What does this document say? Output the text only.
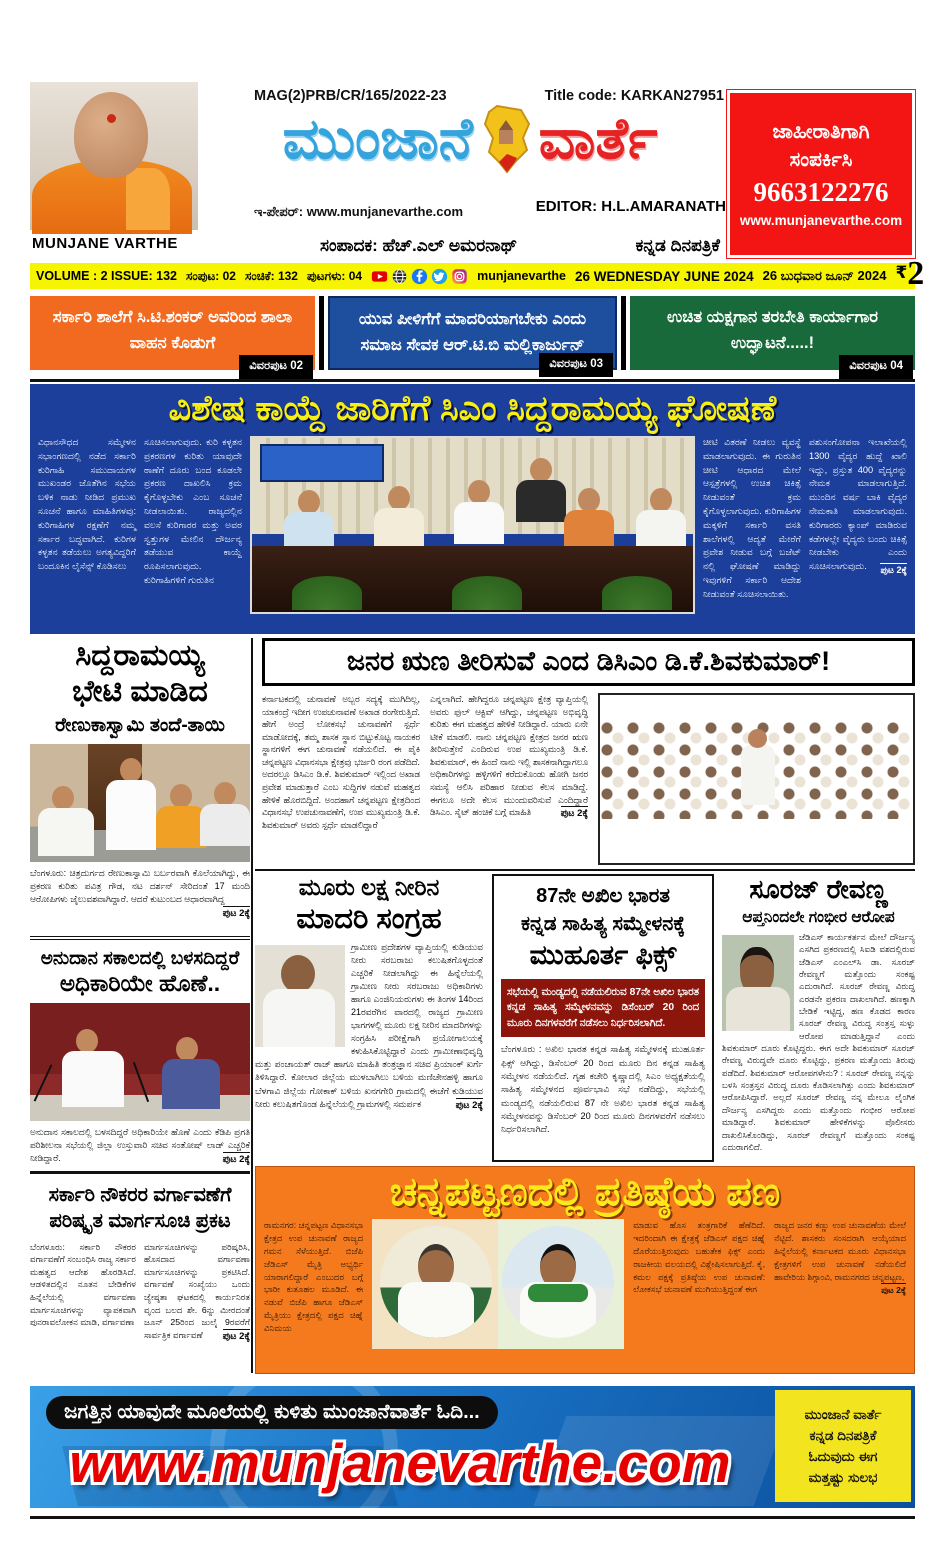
MUNJANE VARTHE
MAG(2)PRB/CR/165/2022-23	Title code: KARKAN27951
ಮುಂಜಾನೆ ವಾರ್ತೆ
ಇ-ಪೇಪರ್: www.munjanevarthe.com	EDITOR: H.L.AMARANATH
ಸಂಪಾದಕ: ಹೆಚ್.ಎಲ್ ಅಮರನಾಥ್	ಕನ್ನಡ ದಿನಪತ್ರಿಕೆ
ಜಾಹೀರಾತಿಗಾಗಿ
ಸಂಪರ್ಕಿಸಿ
9663122276
www.munjanevarthe.com
VOLUME : 2 ISSUE: 132 ಸಂಪುಟ: 02 ಸಂಚಿಕೆ: 132 ಪುಟಗಳು: 04	munjanevarthe 26 WEDNESDAY JUNE 2024 26 ಬುಧವಾರ ಜೂನ್ 2024 ₹ 2
ಸರ್ಕಾರಿ ಶಾಲೆಗೆ ಸಿ.ಟಿ.ಶಂಕರ್ ಅವರಿಂದ ಶಾಲಾ ವಾಹನ ಕೊಡುಗೆ
ವಿವರಪುಟ 02
ಯುವ ಪೀಳಿಗೆಗೆ ಮಾದರಿಯಾಗಬೇಕು ಎಂದು ಸಮಾಜ ಸೇವಕ ಆರ್.ಟಿ.ಬಿ ಮಲ್ಲಿಕಾರ್ಜುನ್
ವಿವರಪುಟ 03
ಉಚಿತ ಯಕ್ಷಗಾನ ತರಬೇತಿ ಕಾರ್ಯಾಗಾರ ಉದ್ಘಾಟನೆ.....!
ವಿವರಪುಟ 04
ವಿಶೇಷ ಕಾಯ್ದೆ ಜಾರಿಗೆಗೆ ಸಿಎಂ ಸಿದ್ದರಾಮಯ್ಯ ಘೋಷಣೆ
ವಿಧಾನಸೌಧದ ಸಮ್ಮೇಳನ ಸಭಾಂಗಣದಲ್ಲಿ ನಡೆದ ಸರ್ಕಾರಿ ಕುರಿಗಾಹಿ ಸಮುದಾಯಗಳ ಮುಖಂಡರ ಜೊತೆಗಿನ ಸಭೆಯ ಬಳಿಕ ನಾಡು ನೀಡಿದ ಪ್ರಮುಖ ಸೂಚನೆ ಹಾಗೂ ಮಾಹಿತಿಗಳವು: ಕುರಿಗಾಹಿಗಳ ರಕ್ಷಣೆಗೆ ನಮ್ಮ ಸರ್ಕಾರ ಬದ್ಧವಾಗಿದೆ. ಕುರಿಗಳ ಕಳ್ಳತನ ತಡೆಯಲು ಅಗತ್ಯವಿದ್ದರಿಗೆ ಬಂದೂಕಿನ ಲೈಸೆನ್ಸ್ ಕೊಡಿಸಲು
ಸೂಚಿಸಲಾಗುವುದು. ಕುರಿ ಕಳ್ಳತನ ಪ್ರಕರಣಗಳ ಕುರಿತು ಯಾವುದೇ ಠಾಣೆಗೆ ದೂರು ಬಂದ ಕೂಡಲೇ ಪ್ರಕರಣ ದಾಖಲಿಸಿ ಕ್ರಮ ಕೈಗೊಳ್ಳಬೇಕು ಎಂಬ ಸೂಚನೆ ನೀಡಲಾಯಿತು. ರಾಜ್ಯದಲ್ಲಿನ ವಲಸೆ ಕುರಿಗಾರರ ಮತ್ತು ಅವರ ಸ್ವತ್ತುಗಳ ಮೇಲಿನ ದೌರ್ಜನ್ಯ ತಡೆಯುವ ಕಾಯ್ದೆ ರೂಪಿಸಲಾಗುವುದು. ಕುರಿಗಾಹಿಗಳಿಗೆ ಗುರುತಿನ
ಚೀಟಿ ವಿತರಣೆ ನೀಡಲು ವ್ಯವಸ್ಥೆ ಮಾಡಲಾಗುವುದು. ಈ ಗುರುತಿನ ಚೀಟಿ ಆಧಾರದ ಮೇಲೆ ಆಸ್ಪತ್ರೆಗಳಲ್ಲಿ ಉಚಿತ ಚಿಕಿತ್ಸೆ ನೀಡುವಂತೆ ಕ್ರಮ ಕೈಗೊಳ್ಳಲಾಗುವುದು. ಕುರಿಗಾಹಿಗಳ ಮಕ್ಕಳಿಗೆ ಸರ್ಕಾರಿ ವಸತಿ ಶಾಲೆಗಳಲ್ಲಿ ಆದ್ಯತೆ ಮೇರೆಗೆ ಪ್ರವೇಶ ನೀಡುವ ಬಗ್ಗೆ ಬಜೆಟ್ ನಲ್ಲಿ ಘೋಷಣೆ ಮಾಡಿದ್ದು ಇವುಗಳಿಗೆ ಸರ್ಕಾರಿ ಆದೇಶ ನೀಡುವಂತೆ ಸೂಚಿಸಲಾಯಿತು.
ಪಶುಸಂಗೋಪನಾ ಇಲಾಖೆಯಲ್ಲಿ 1300 ವೈದ್ಯರ ಹುದ್ದೆ ಖಾಲಿ ಇದ್ದು, ಪ್ರಸ್ತುತ 400 ವೈದ್ಯರನ್ನು ನೇಮಕ ಮಾಡಲಾಗುತ್ತಿದೆ. ಮುಂದಿನ ವರ್ಷ ಬಾಕಿ ವೈದ್ಯರ ನೇಮಕಾತಿ ಮಾಡಲಾಗುವುದು. ಕುರಿಗಾರರು ಕ್ಯಾಂಪ್ ಮಾಡಿರುವ ಕಡೆಗಳಲ್ಲೇ ವೈದ್ಯರು ಬಂದು ಚಿಕಿತ್ಸೆ ನೀಡಬೇಕು ಎಂದು ಸೂಚಿಸಲಾಗುವುದು. ಪುಟ 2ಕ್ಕೆ
ಸಿದ್ದರಾಮಯ್ಯ
ಭೇಟಿ ಮಾಡಿದ
ರೇಣುಕಾಸ್ವಾಮಿ ತಂದೆ-ತಾಯಿ
ಬೆಂಗಳೂರು: ಚಿತ್ರದುರ್ಗದ ರೇಣುಕಾಸ್ವಾಮಿ ಬರ್ಬರವಾಗಿ ಕೊಲೆಯಾಗಿದ್ದು, ಈ ಪ್ರಕರಣ ಕುರಿತು ಪವಿತ್ರ ಗೌಡ, ನಟ ದರ್ಶನ್ ಸೇರಿದಂತೆ 17 ಮಂದಿ ಆರೋಪಿಗಳು ಜೈಲುವಶವಾಗಿದ್ದಾರೆ. ಆದರೆ ಕುಟುಂಬದ ಆಧಾರವಾಗಿದ್ದ
ಪುಟ 2ಕ್ಕೆ
ಅನುದಾನ ಸಕಾಲದಲ್ಲಿ ಬಳಸದಿದ್ದರೆ
ಅಧಿಕಾರಿಯೇ ಹೊಣೆ..
ಅನುದಾನ ಸಕಾಲದಲ್ಲಿ ಬಳಸದಿದ್ದರೆ ಅಧಿಕಾರಿಯೇ ಹೊಣೆ ಎಂದು ಕೆಡಿಪಿ ಪ್ರಗತಿ ಪರಿಶೀಲನಾ ಸಭೆಯಲ್ಲಿ ಜಿಲ್ಲಾ ಉಸ್ತುವಾರಿ ಸಚಿವ ಸಂತೋಷ್ ಲಾಡ್ ಎಚ್ಚರಿಕೆ ನೀಡಿದ್ದಾರೆ.	ಪುಟ 2ಕ್ಕೆ
ಸರ್ಕಾರಿ ನೌಕರರ ವರ್ಗಾವಣೆಗೆ
ಪರಿಷ್ಕೃತ ಮಾರ್ಗಸೂಚಿ ಪ್ರಕಟ
ಬೆಂಗಳೂರು: ಸರ್ಕಾರಿ ನೌಕರರ ವರ್ಗಾವಣೆಗೆ ಸಂಬಂಧಿಸಿ ರಾಜ್ಯ ಸರ್ಕಾರ ಮಹತ್ವದ ಆದೇಶ ಹೊರಡಿಸಿದೆ. ಆಡಳಿತದಲ್ಲಿನ ನೂತನ ಬೇಡಿಕೆಗಳ ಹಿನ್ನೆಲೆಯಲ್ಲಿ ವರ್ಗಾವಣಾ ಮಾರ್ಗಸೂಚಿಗಳನ್ನು ವ್ಯಾಪಕವಾಗಿ ಪುನರಾವಲೋಕನ ಮಾಡಿ, ವರ್ಗಾವಣಾ
ಮಾರ್ಗಸೂಚಿಗಳನ್ನು ಪರಿಷ್ಕರಿಸಿ, ಹೊಸದಾದ ವರ್ಗಾವಣಾ ಮಾರ್ಗಸೂಚಿಗಳನ್ನು ಪ್ರಕಟಿಸಿದೆ. ವರ್ಗಾವಣೆ ಸಂಖ್ಯೆಯು ಒಂದು ಜ್ಯೇಷ್ಠತಾ ಘಟಕದಲ್ಲಿ ಕಾರ್ಯನಿರತ ವೃಂದ ಬಲದ ಶೇ. 6ನ್ನು ಮೀರದಂತೆ ಜೂನ್ 25ರಿಂದ ಜುಲೈ 9ರವರೆಗೆ ಸಾರ್ವತ್ರಿಕ ವರ್ಗಾವಣೆ ಪುಟ 2ಕ್ಕೆ
ಜನರ ಋಣ ತೀರಿಸುವೆ ಎಂದ ಡಿಸಿಎಂ ಡಿ.ಕೆ.ಶಿವಕುಮಾರ್!
ಕರ್ನಾಟಕದಲ್ಲಿ ಚುನಾವಣೆ ಅಬ್ಬರ ಸದ್ಯಕ್ಕೆ ಮುಗಿದಿಲ್ಲ, ಯಾಕಂದ್ರೆ ಇದೀಗ ಉಪಚುನಾವಣೆ ಅಖಾಡ ರಂಗೇರುತ್ತಿದೆ. ಹೇಗೆ ಅಂದ್ರೆ ಲೋಕಸಭೆ ಚುನಾವಣೆಗೆ ಸ್ಪರ್ಧೆ ಮಾಡೋದಕ್ಕೆ, ತಮ್ಮ ಶಾಸಕ ಸ್ಥಾನ ಬಿಟ್ಟುಕೊಟ್ಟ ನಾಯಕರ ಸ್ಥಾನಗಳಿಗೆ ಈಗ ಚುನಾವಣೆ ನಡೆಯಲಿದೆ. ಈ ಪೈಕಿ ಚನ್ನಪಟ್ಟಣ ವಿಧಾನಸಭಾ ಕ್ಷೇತ್ರವು ಭರ್ಜರಿ ರಂಗ ಪಡೆದಿದೆ. ಅದರಲ್ಲೂ ಡಿಸಿಎಂ ಡಿ.ಕೆ. ಶಿವಕುಮಾರ್ ಇಲ್ಲಿಂದ ಅಖಾಡ ಪ್ರವೇಶ ಮಾಡುತ್ತಾರೆ ಎಂಬ ಸುದ್ದಿಗಳ ನಡುವೆ ಮಹತ್ವದ ಹೇಳಿಕೆ ಹೊರಬಿದ್ದಿದೆ. ಅಂದಹಾಗೆ ಚನ್ನಪಟ್ಟಣ ಕ್ಷೇತ್ರದಿಂದ ವಿಧಾನಸಭೆ ಉಪಚುನಾವಣೆಗೆ, ಉಪ ಮುಖ್ಯಮಂತ್ರಿ ಡಿ.ಕೆ. ಶಿವಕುಮಾರ್ ಅವರು ಸ್ಪರ್ಧೆ ಮಾಡಲಿದ್ದಾರೆ
ಎನ್ನಲಾಗಿದೆ. ಹೇಗಿದ್ದರೂ ಚನ್ನಪಟ್ಟಣ ಕ್ಷೇತ್ರ ವ್ಯಾಪ್ತಿಯಲ್ಲಿ ಅವರು ಫುಲ್ ಆಕ್ಟಿವ್ ಆಗಿದ್ದು, ಚನ್ನಪಟ್ಟಣ ಅಭಿವೃದ್ಧಿ ಕುರಿತು ಈಗ ಮಹತ್ವದ ಹೇಳಿಕೆ ನೀಡಿದ್ದಾರೆ. ಯಾರು ಏನೇ ಟೀಕೆ ಮಾಡಲಿ. ನಾನು ಚನ್ನಪಟ್ಟಣ ಕ್ಷೇತ್ರದ ಜನರ ಋಣ ತೀರಿಸುತ್ತೇನೆ ಎಂದಿರುವ ಉಪ ಮುಖ್ಯಮಂತ್ರಿ ಡಿ.ಕೆ. ಶಿವಕುಮಾರ್, ಈ ಹಿಂದೆ ನಾನು ಇಲ್ಲಿ ಶಾಸಕನಾಗಿದ್ದಾಗಲೂ ಅಧಿಕಾರಿಗಳನ್ನು ಹಳ್ಳಿಗಳಿಗೆ ಕರೆದುಕೊಂಡು ಹೋಗಿ ಜನರ ಸಮಸ್ಯೆ ಆಲಿಸಿ ಪರಿಹಾರ ನೀಡುವ ಕೆಲಸ ಮಾಡಿದ್ದೆ. ಈಗಲೂ ಅದೇ ಕೆಲಸ ಮುಂದುವರಿಸುವೆ ಎಂದಿದ್ದಾರೆ ಡಿಸಿಎಂ. ಸೈಟ್ ಹಂಚಿಕೆ ಬಗ್ಗೆ ಮಾಹಿತಿ	ಪುಟ 2ಕ್ಕೆ
ಮೂರು ಲಕ್ಷ ನೀರಿನ
ಮಾದರಿ ಸಂಗ್ರಹ
ಗ್ರಾಮೀಣ ಪ್ರದೇಶಗಳ ವ್ಯಾಪ್ತಿಯಲ್ಲಿ ಕುಡಿಯುವ ನೀರು ಸರಬರಾಜು ಕಲುಷಿತಗೊಳ್ಳದಂತೆ ಎಚ್ಚರಿಕೆ ನೀಡಲಾಗಿದ್ದು ಈ ಹಿನ್ನೆಲೆಯಲ್ಲಿ ಗ್ರಾಮೀಣ ನೀರು ಸರಬರಾಜು ಅಧಿಕಾರಿಗಳು ಹಾಗೂ ಎಂಜಿನಿಯರುಗಳು ಈ ತಿಂಗಳ 14ರಿಂದ 21ರವರೆಗಿನ ವಾರದಲ್ಲಿ ರಾಜ್ಯದ ಗ್ರಾಮೀಣ ಭಾಗಗಳಲ್ಲಿ ಮೂರು ಲಕ್ಷ ನೀರಿನ ಮಾದರಿಗಳನ್ನು ಸಂಗ್ರಹಿಸಿ ಪರೀಕ್ಷೆಗಾಗಿ ಪ್ರಯೋಗಾಲಯಕ್ಕೆ ಕಳುಹಿಸಿಕೊಟ್ಟಿದ್ದಾರೆ ಎಂದು ಗ್ರಾಮೀಣಾಭಿವೃದ್ಧಿ ಮತ್ತು ಪಂಚಾಯತ್ ರಾಜ್ ಹಾಗೂ ಮಾಹಿತಿ ತಂತ್ರಜ್ಞಾನ ಸಚಿವ ಪ್ರಿಯಾಂಕ್ ಖರ್ಗೆ ತಿಳಿಸಿದ್ದಾರೆ. ಕೋಲಾರ ಜಿಲ್ಲೆಯ ಮುಳಬಾಗಿಲು ಬಳಿಯ ಮಣಿಚೇನಹಳ್ಳಿ ಹಾಗೂ ಬೆಳಗಾವಿ ಜಿಲ್ಲೆಯ ಗೋಕಾಕ್ ಬಳಿಯ ಖನಗಗೇರಿ ಗ್ರಾಮದಲ್ಲಿ ಈಚೆಗೆ ಕುಡಿಯುವ ನೀರು ಕಲುಷಿತಗೊಂಡ ಹಿನ್ನೆಲೆಯಲ್ಲಿ ಗ್ರಾಮಗಳಲ್ಲಿ ಸಮರ್ಪಕ	ಪುಟ 2ಕ್ಕೆ
87ನೇ ಅಖಿಲ ಭಾರತ
ಕನ್ನಡ ಸಾಹಿತ್ಯ ಸಮ್ಮೇಳನಕ್ಕೆ
ಮುಹೂರ್ತ ಫಿಕ್ಸ್
ಸಭೆಯಲ್ಲಿ ಮಂಡ್ಯದಲ್ಲಿ ನಡೆಯಲಿರುವ 87ನೇ ಅಖಿಲ ಭಾರತ ಕನ್ನಡ ಸಾಹಿತ್ಯ ಸಮ್ಮೇಳನವನ್ನು ಡಿಸೆಂಬರ್ 20 ರಿಂದ ಮೂರು ದಿನಗಳವರೆಗೆ ನಡೆಸಲು ನಿರ್ಧರಿಸಲಾಗಿದೆ.
ಬೆಂಗಳೂರು : ಅಖಿಲ ಭಾರತ ಕನ್ನಡ ಸಾಹಿತ್ಯ ಸಮ್ಮೇಳನಕ್ಕೆ ಮುಹೂರ್ತ ಫಿಕ್ಸ್ ಆಗಿದ್ದು, ಡಿಸೆಂಬರ್ 20 ರಿಂದ ಮೂರು ದಿನ ಕನ್ನಡ ಸಾಹಿತ್ಯ ಸಮ್ಮೇಳನ ನಡೆಯಲಿದೆ. ಗೃಹ ಕಚೇರಿ ಕೃಷ್ಣಾದಲ್ಲಿ ಸಿಎಂ ಅಧ್ಯಕ್ಷತೆಯಲ್ಲಿ ಸಾಹಿತ್ಯ ಸಮ್ಮೇಳನದ ಪೂರ್ವಭಾವಿ ಸಭೆ ನಡೆದಿದ್ದು, ಸಭೆಯಲ್ಲಿ ಮಂಡ್ಯದಲ್ಲಿ ನಡೆಯಲಿರುವ 87 ನೇ ಅಖಿಲ ಭಾರತ ಕನ್ನಡ ಸಾಹಿತ್ಯ ಸಮ್ಮೇಳನವನ್ನು ಡಿಸೆಂಬರ್ 20 ರಿಂದ ಮೂರು ದಿನಗಳವರೆಗೆ ನಡೆಸಲು ನಿರ್ಧರಿಸಲಾಗಿದೆ.
ಸೂರಜ್ ರೇವಣ್ಣ
ಆಪ್ತನಿಂದಲೇ ಗಂಭೀರ ಆರೋಪ
ಜೆಡಿಎಸ್ ಕಾರ್ಯಕರ್ತನ ಮೇಲೆ ದೌರ್ಜನ್ಯ ಎಸಗಿದ ಪ್ರಕರಣದಲ್ಲಿ ಸಿಐಡಿ ವಶದಲ್ಲಿರುವ ಜೆಡಿಎಸ್ ಎಂಎಲ್‌ಸಿ ಡಾ. ಸೂರಜ್ ರೇವಣ್ಣಗೆ ಮತ್ತೊಂದು ಸಂಕಷ್ಟ ಎದುರಾಗಿದೆ. ಸೂರಜ್ ರೇವಣ್ಣ ವಿರುದ್ಧ ಎರಡನೇ ಪ್ರಕರಣ ದಾಖಲಾಗಿದೆ. ಹಣಕ್ಕಾಗಿ ಬೇಡಿಕೆ ಇಟ್ಟಿದ್ದ, ಹಣ ಕೊಡದ ಕಾರಣ ಸೂರಜ್ ರೇವಣ್ಣ ವಿರುದ್ಧ ಸಂತ್ರಸ್ತ ಸುಳ್ಳು ಆರೋಪ ಮಾಡುತ್ತಿದ್ದಾನೆ ಎಂದು ಶಿವಕುಮಾರ್ ದೂರು ಕೊಟ್ಟಿದ್ದರು. ಈಗ ಅದೇ ಶಿವಕುಮಾರ್ ಸೂರಜ್ ರೇವಣ್ಣ ವಿರುದ್ಧವೇ ದೂರು ಕೊಟ್ಟಿದ್ದು, ಪ್ರಕರಣ ಮತ್ತೊಂದು ತಿರುವು ಪಡೆದಿದೆ. ಶಿವಕುಮಾರ್ ಆರೋಪಗಳೇನು? : ಸೂರಜ್ ರೇವಣ್ಣ ನನ್ನನ್ನು ಬಳಸಿ ಸಂತ್ರಸ್ತನ ವಿರುದ್ಧ ದೂರು ಕೊಡಿಸಲಾಗಿತ್ತು ಎಂದು ಶಿವಕುಮಾರ್ ಆರೋಪಿಸಿದ್ದಾರೆ. ಅಲ್ಲದೆ ಸೂರಜ್ ರೇವಣ್ಣ ನನ್ನ ಮೇಲೂ ಲೈಂಗಿಕ ದೌರ್ಜನ್ಯ ಎಸಗಿದ್ದರು ಎಂದು ಮತ್ತೊಂದು ಗಂಭೀರ ಆರೋಪ ಮಾಡಿದ್ದಾರೆ. ಶಿವಕುಮಾರ್ ಹೇಳಿಕೆಗಳನ್ನು ಪೊಲೀಸರು ದಾಖಲಿಸಿಕೊಂಡಿದ್ದು, ಸೂರಜ್ ರೇವಣ್ಣಗೆ ಮತ್ತೊಂದು ಸಂಕಷ್ಟ ಎದುರಾಗಲಿದೆ.
ಚನ್ನಪಟ್ಟಣದಲ್ಲಿ ಪ್ರತಿಷ್ಠೆಯ ಪಣ
ರಾಮನಗರ: ಚನ್ನಪಟ್ಟಣ ವಿಧಾನಸಭಾ ಕ್ಷೇತ್ರದ ಉಪ ಚುನಾವಣೆ ರಾಜ್ಯದ ಗಮನ ಸೆಳೆಯುತ್ತಿದೆ. ಬಿಜೆಪಿ ಜೆಡಿಎಸ್ ಮೈತ್ರಿ ಅಭ್ಯರ್ಥಿ ಯಾರಾಗಲಿದ್ದಾರೆ ಎಂಬುದರ ಬಗ್ಗೆ ಭಾರೀ ಕುತೂಹಲ ಮೂಡಿದೆ. ಈ ನಡುವೆ ಬಿಜೆಪಿ ಹಾಗೂ ಜೆಡಿಎಸ್ ಮೈತ್ರಿಯು ಕ್ಷೇತ್ರದಲ್ಲಿ ಪಕ್ಷದ ಚಿಹ್ನೆ ವಿನಿಮಯ
ಮಾಡುವ ಹೊಸ ತಂತ್ರಗಾರಿಕೆ ಹೆಣೆದಿದೆ. ಇದರಿಂದಾಗಿ ಈ ಕ್ಷೇತ್ರಕ್ಕೆ ಜೆಡಿಎಸ್ ಪಕ್ಷದ ಚಿಹ್ನೆ ದೊರೆಯುತ್ತಿರುವುದು ಬಹುತೇಕ ಫಿಕ್ಸ್ ಎಂದು ರಾಜಕೀಯ ವಲಯದಲ್ಲಿ ವಿಶ್ಲೇಷಿಸಲಾಗುತ್ತಿದೆ. ಕೈ, ಕಮಲ ಪಕ್ಷಕ್ಕೆ ಪ್ರತಿಷ್ಠೆಯ ಉಪ ಚುನಾವಣೆ: ಲೋಕಸಭೆ ಚುನಾವಣೆ ಮುಗಿಯುತ್ತಿದ್ದಂತೆ ಈಗ
ರಾಜ್ಯದ ಜನರ ಕಣ್ಣು ಉಪ ಚುನಾವಣೆಯ ಮೇಲೆ ನೆಟ್ಟಿದೆ. ಶಾಸಕರು ಸಂಸದರಾಗಿ ಆಯ್ಕೆಯಾದ ಹಿನ್ನೆಲೆಯಲ್ಲಿ ಕರ್ನಾಟಕದ ಮೂರು ವಿಧಾನಸಭಾ ಕ್ಷೇತ್ರಗಳಿಗೆ ಉಪ ಚುನಾವಣೆ ನಡೆಯಲಿದೆ ಹಾವೇರಿಯ ಶಿಗ್ಗಾಂವಿ, ರಾಮನಗರದ ಚನ್ನಪಟ್ಟಣ,
ಪುಟ 2ಕ್ಕೆ
ಜಗತ್ತಿನ ಯಾವುದೇ ಮೂಲೆಯಲ್ಲಿ ಕುಳಿತು ಮುಂಜಾನೆವಾರ್ತೆ ಓದಿ...
www.munjanevarthe.com
ಮುಂಜಾನೆ ವಾರ್ತೆ
ಕನ್ನಡ ದಿನಪತ್ರಿಕೆ
ಓದುವುದು ಈಗ
ಮತ್ತಷ್ಟು ಸುಲಭ
